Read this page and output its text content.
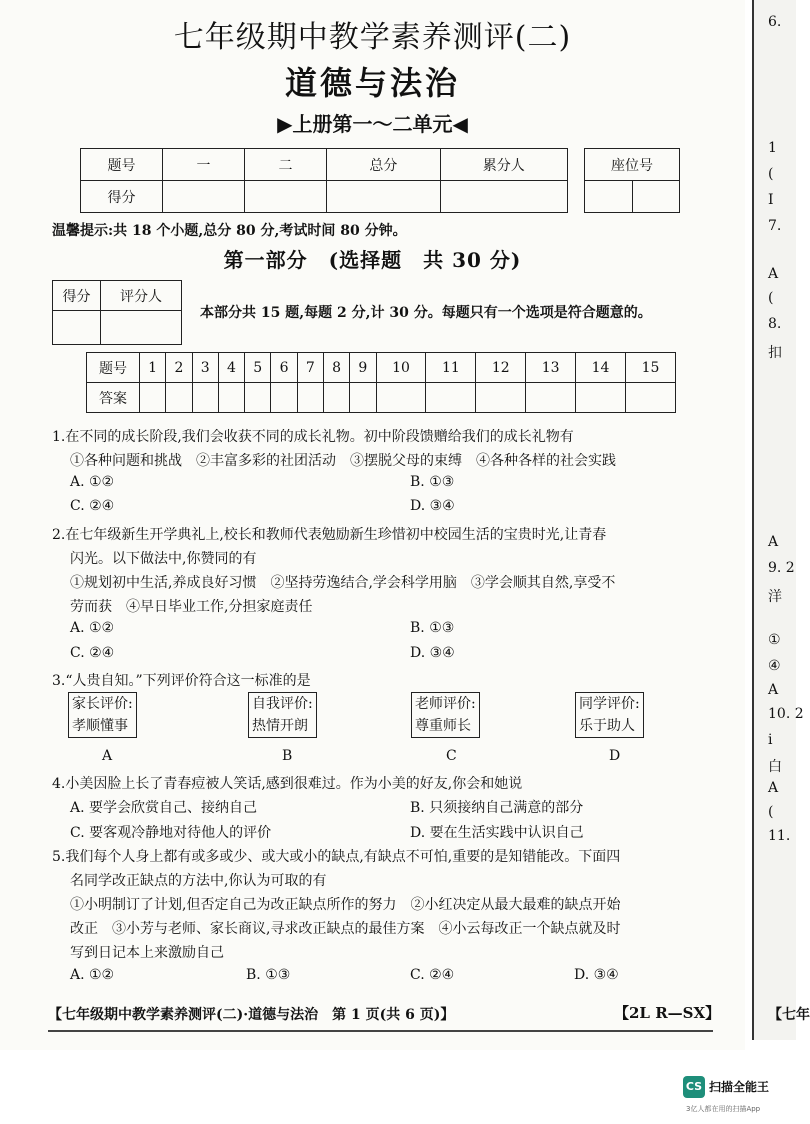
6.
1
(
I
7.
A
(
8.
扣
A
9. 2
洋
①
④
A
10. 2
i
白
A
(
11.
【七年
七年级期中教学素养测评(二)
道德与法治
▶上册第一～二单元◀
题号	一	二	总分	累分人
得分				
座位号

温馨提示:共 18 个小题,总分 80 分,考试时间 80 分钟。
第一部分　(选择题　共 30 分)
得分	评分人

本部分共 15 题,每题 2 分,计 30 分。每题只有一个选项是符合题意的。
题号	1	2	3	4	5	6	7	8	9	10	11	12	13	14	15
答案															
1.在不同的成长阶段,我们会收获不同的成长礼物。初中阶段馈赠给我们的成长礼物有
①各种问题和挑战　②丰富多彩的社团活动　③摆脱父母的束缚　④各种各样的社会实践
A. ①②	B. ①③
C. ②④	D. ③④
2.在七年级新生开学典礼上,校长和教师代表勉励新生珍惜初中校园生活的宝贵时光,让青春
闪光。以下做法中,你赞同的有
①规划初中生活,养成良好习惯　②坚持劳逸结合,学会科学用脑　③学会顺其自然,享受不
劳而获　④早日毕业工作,分担家庭责任
A. ①②	B. ①③
C. ②④	D. ③④
3.“人贵自知。”下列评价符合这一标准的是
家长评价:
孝顺懂事
自我评价:
热情开朗
老师评价:
尊重师长
同学评价:
乐于助人
A	B	C	D
4.小美因脸上长了青春痘被人笑话,感到很难过。作为小美的好友,你会和她说
A. 要学会欣赏自己、接纳自己	B. 只须接纳自己满意的部分
C. 要客观冷静地对待他人的评价	D. 要在生活实践中认识自己
5.我们每个人身上都有或多或少、或大或小的缺点,有缺点不可怕,重要的是知错能改。下面四
名同学改正缺点的方法中,你认为可取的有
①小明制订了计划,但否定自己为改正缺点所作的努力　②小红决定从最大最难的缺点开始
改正　③小芳与老师、家长商议,寻求改正缺点的最佳方案　④小云每改正一个缺点就及时
写到日记本上来激励自己
A. ①②	B. ①③	C. ②④	D. ③④
【七年级期中教学素养测评(二)·道德与法治　第 1 页(共 6 页)】	【2L R—SX】
CS 扫描全能王
3亿人都在用的扫描App
